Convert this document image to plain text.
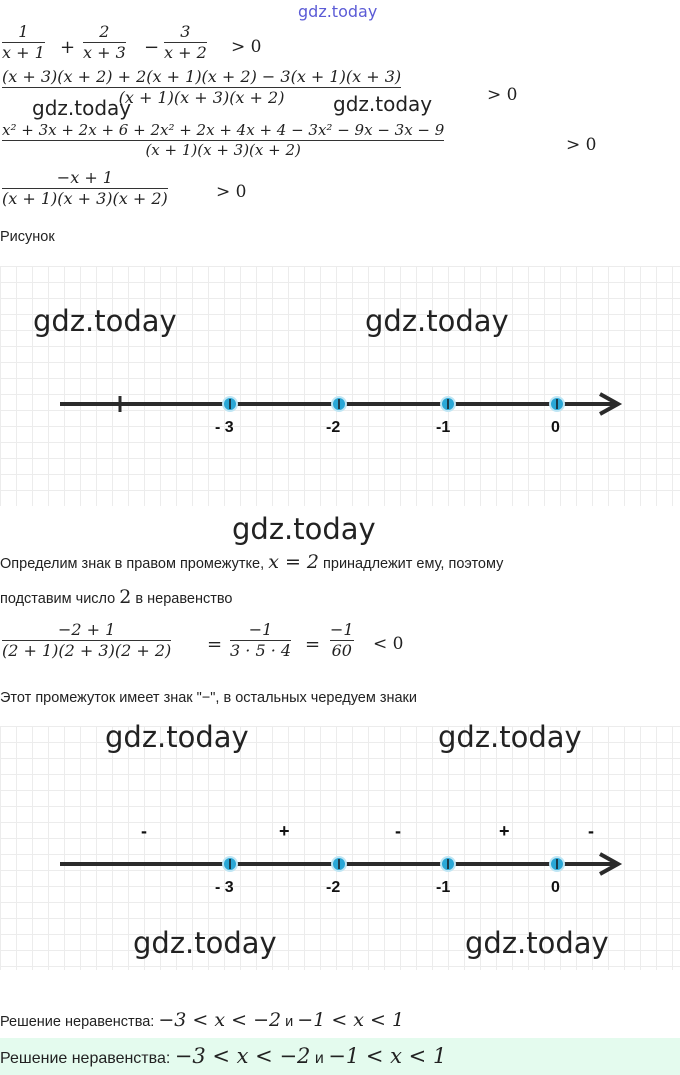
gdz.today
1
x + 1 +
2
x + 3 −
3
x + 2 > 0
(x + 3)(x + 2) + 2(x + 1)(x + 2) − 3(x + 1)(x + 3)
(x + 1)(x + 3)(x + 2)	> 0
gdz.today	gdz.today
x² + 3x + 2x + 6 + 2x² + 2x + 4x + 4 − 3x² − 9x − 3x − 9
(x + 1)(x + 3)(x + 2)	> 0
−x + 1
(x + 1)(x + 3)(x + 2)	> 0
Рисунок
gdz.today	gdz.today
- 3	-2	-1	0
gdz.today
Определим знак в правом промежутке, x = 2 принадлежит ему, поэтому
подставим число 2 в неравенство
−2 + 1
(2 + 1)(2 + 3)(2 + 2) =
−1
3 · 5 · 4 =
−1
60 < 0
Этот промежуток имеет знак "−", в остальных чередуем знаки
gdz.today	gdz.today
-	+	-	+	-
- 3	-2	-1	0
gdz.today	gdz.today
Решение неравенства: −3 < x < −2 и −1 < x < 1
Решение неравенства: −3 < x < −2 и −1 < x < 1
